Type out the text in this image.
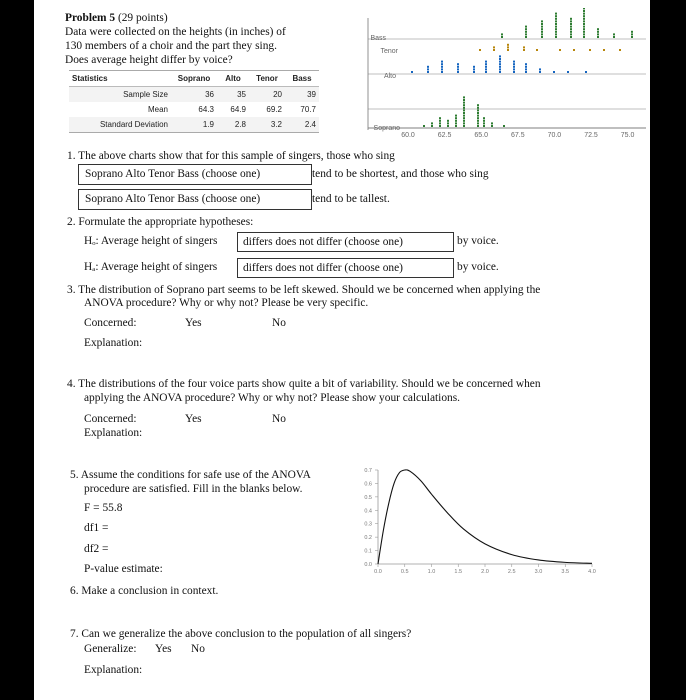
Problem 5 (29 points)
Data were collected on the heights (in inches) of
130 members of a choir and the part they sing.
Does average height differ by voice?
Statistics	Soprano	Alto	Tenor	Bass
Sample Size	36	35	20	39
Mean	64.3	64.9	69.2	70.7
Standard Deviation	1.9	2.8	3.2	2.4
Bass
Tenor
Alto
Soprano
60.0	62.5	65.0	67.5	70.0	72.5	75.0
1. The above charts show that for this sample of singers, those who sing
Soprano Alto Tenor Bass (choose one)	tend to be shortest, and those who sing
Soprano Alto Tenor Bass (choose one)	tend to be tallest.
2. Formulate the appropriate hypotheses:
Hₒ: Average height of singers differs does not differ (choose one)	by voice.
Hₐ: Average height of singers differs does not differ (choose one)	by voice.
3. The distribution of Soprano part seems to be left skewed. Should we be concerned when applying the
ANOVA procedure? Why or why not? Please be very specific.
Concerned:	Yes	No
Explanation:
4. The distributions of the four voice parts show quite a bit of variability. Should we be concerned when
applying the ANOVA procedure? Why or why not? Please show your calculations.
Concerned:	Yes	No
Explanation:
5. Assume the conditions for safe use of the ANOVA
procedure are satisfied. Fill in the blanks below.
F = 55.8
df1 =
df2 =
P-value estimate:	0.0
0.1
0.2
0.3
0.4
0.5
0.6
0.7
0.0	0.5	1.0	1.5	2.0	2.5	3.0	3.5	4.0
6. Make a conclusion in context.
7. Can we generalize the above conclusion to the population of all singers?
Generalize: Yes No
Explanation:
